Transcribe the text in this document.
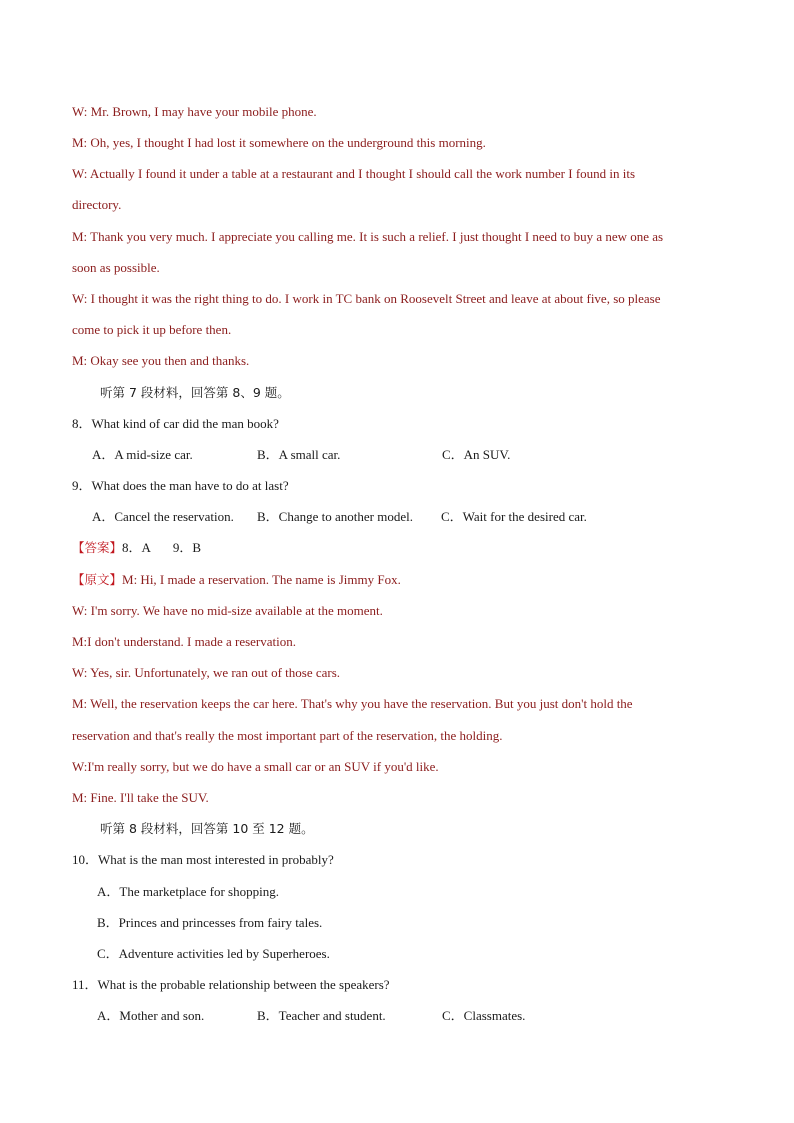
W: Mr. Brown, I may have your mobile phone.
M: Oh, yes, I thought I had lost it somewhere on the underground this morning.
W: Actually I found it under a table at a restaurant and I thought I should call the work number I found in its
directory.
M: Thank you very much. I appreciate you calling me. It is such a relief. I just thought I need to buy a new one as
soon as possible.
W: I thought it was the right thing to do. I work in TC bank on Roosevelt Street and leave at about five, so please
come to pick it up before then.
M: Okay see you then and thanks.
听第 7 段材料，回答第 8、9 题。
8．What kind of car did the man book?
A．A mid-size car.	B．A small car.	C．An SUV.
9．What does the man have to do at last?
A．Cancel the reservation. B．Change to another model. C．Wait for the desired car.
【答案】8．A       9．B
【原文】M: Hi, I made a reservation. The name is Jimmy Fox.
W: I'm sorry. We have no mid-size available at the moment.
M:I don't understand. I made a reservation.
W: Yes, sir. Unfortunately, we ran out of those cars.
M: Well, the reservation keeps the car here. That's why you have the reservation. But you just don't hold the
reservation and that's really the most important part of the reservation, the holding.
W:I'm really sorry, but we do have a small car or an SUV if you'd like.
M: Fine. I'll take the SUV.
听第 8 段材料，回答第 10 至 12 题。
10．What is the man most interested in probably?
A．The marketplace for shopping.
B．Princes and princesses from fairy tales.
C．Adventure activities led by Superheroes.
11．What is the probable relationship between the speakers?
A．Mother and son.	B．Teacher and student.	C．Classmates.
